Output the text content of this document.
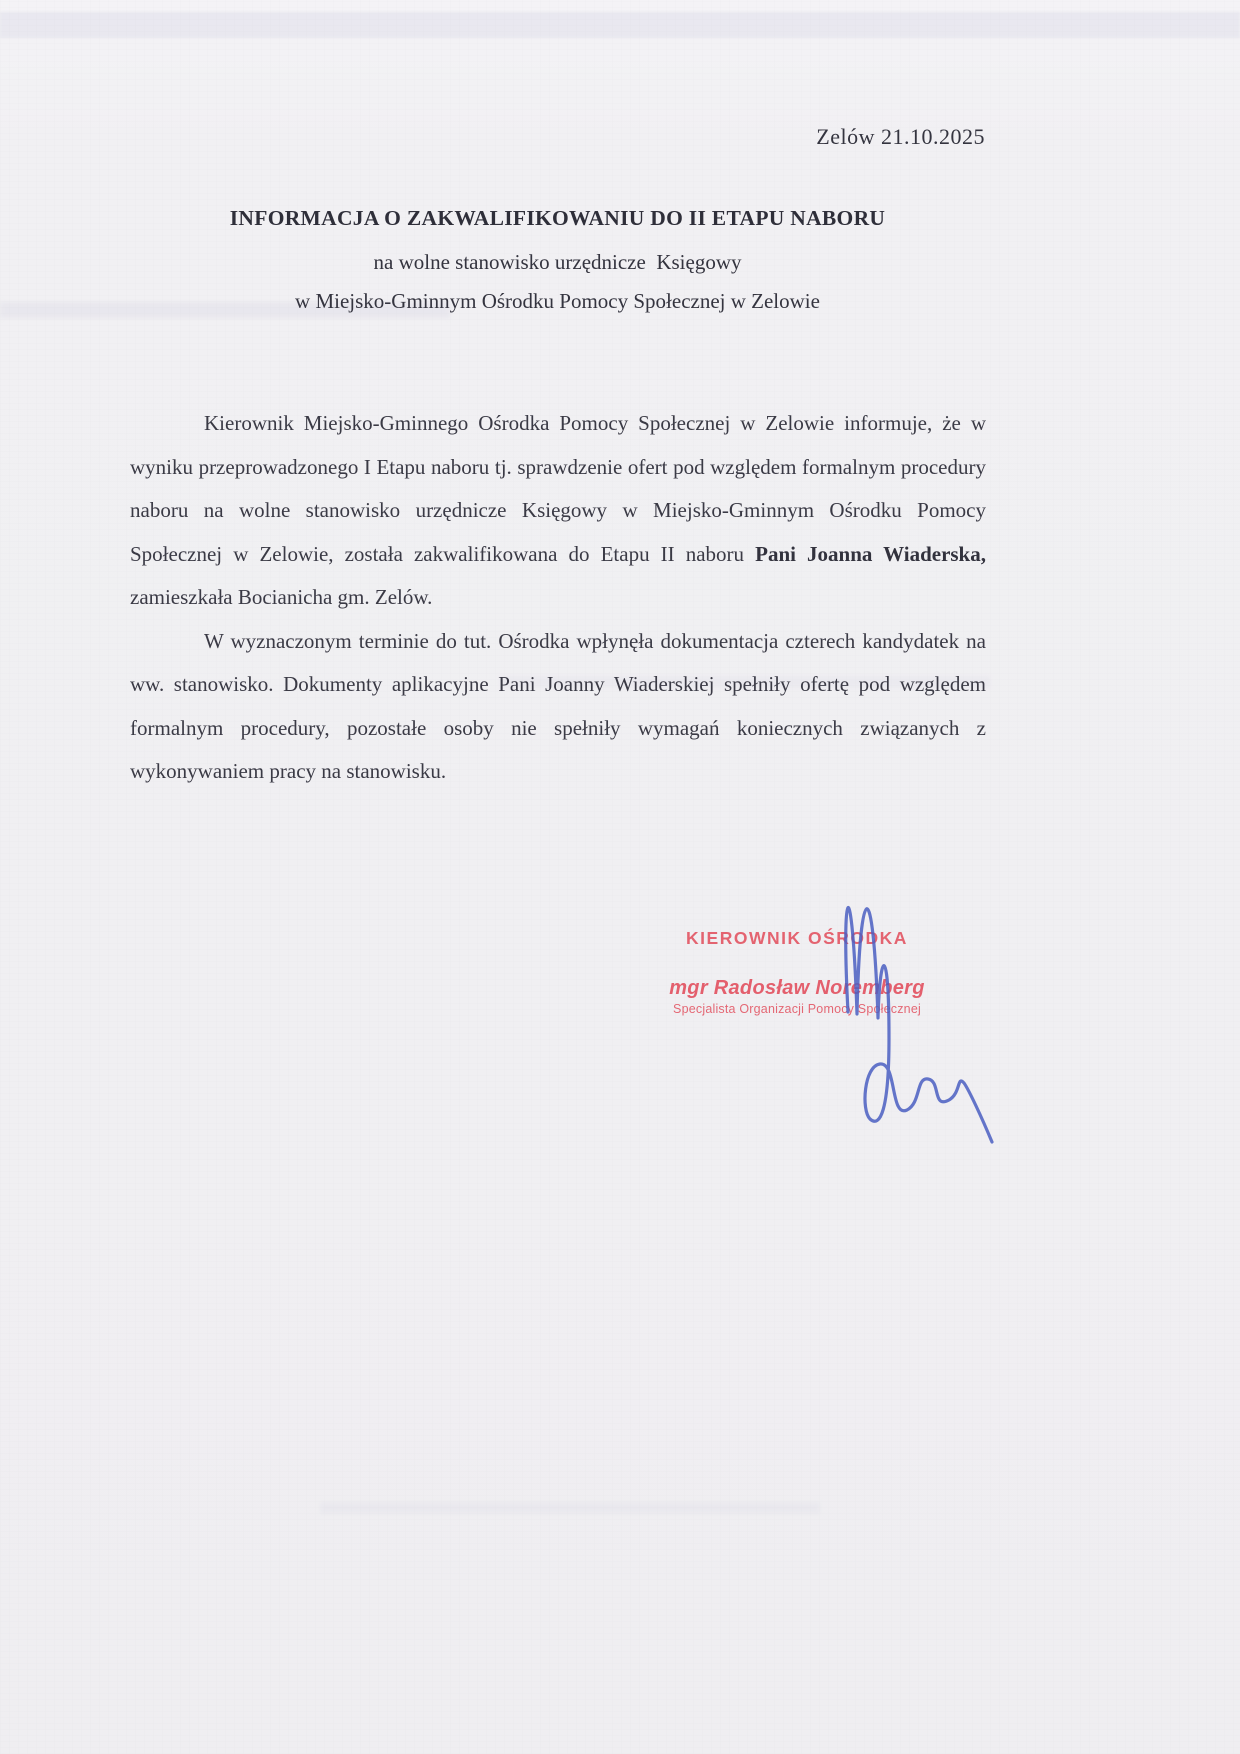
Zelów 21.10.2025
INFORMACJA O ZAKWALIFIKOWANIU DO II ETAPU NABORU
na wolne stanowisko urzędnicze  Księgowy
w Miejsko-Gminnym Ośrodku Pomocy Społecznej w Zelowie

Kierownik Miejsko-Gminnego Ośrodka Pomocy Społecznej w Zelowie informuje, że w wyniku przeprowadzonego I Etapu naboru tj. sprawdzenie ofert pod względem formalnym procedury naboru na wolne stanowisko urzędnicze Księgowy w Miejsko-Gminnym Ośrodku Pomocy Społecznej w Zelowie, została zakwalifikowana do Etapu II naboru Pani Joanna Wiaderska, zamieszkała Bocianicha gm. Zelów.

W wyznaczonym terminie do tut. Ośrodka wpłynęła dokumentacja czterech kandydatek na ww. stanowisko. Dokumenty aplikacyjne Pani Joanny Wiaderskiej spełniły ofertę pod względem formalnym procedury, pozostałe osoby nie spełniły wymagań koniecznych związanych z wykonywaniem pracy na stanowisku.

KIEROWNIK OŚRODKA
mgr Radosław Noremberg
Specjalista Organizacji Pomocy Społecznej
